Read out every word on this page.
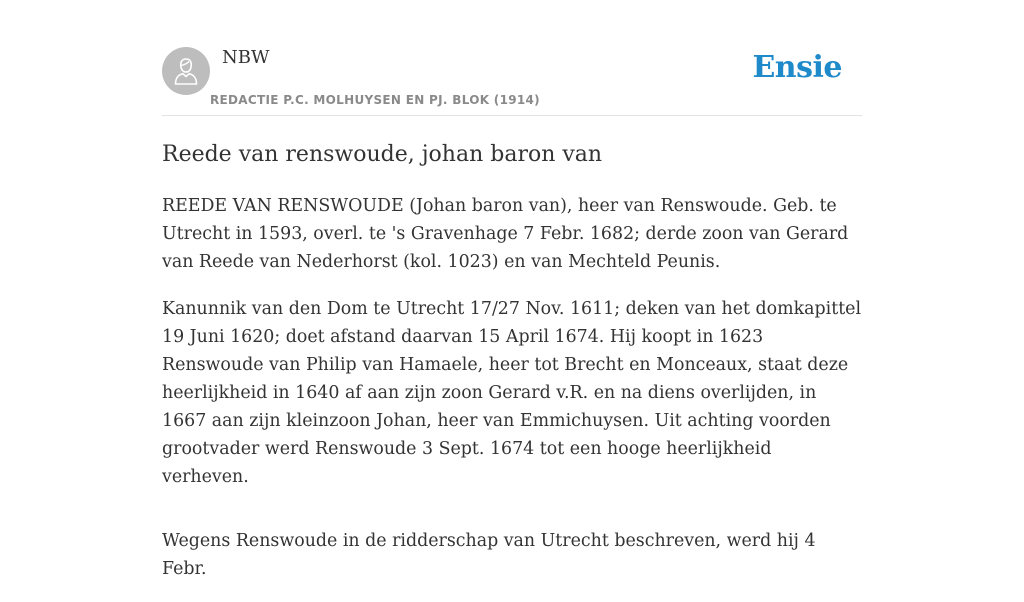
NBW
REDACTIE P.C. MOLHUYSEN EN PJ. BLOK (1914)
Ensie
Reede van renswoude, johan baron van

REEDE VAN RENSWOUDE (Johan baron van), heer van Renswoude. Geb. te Utrecht in 1593, overl. te 's Gravenhage 7 Febr. 1682; derde zoon van Gerard van Reede van Nederhorst (kol. 1023) en van Mechteld Peunis.

Kanunnik van den Dom te Utrecht 17/27 Nov. 1611; deken van het domkapittel 19 Juni 1620; doet afstand daarvan 15 April 1674. Hij koopt in 1623 Renswoude van Philip van Hamaele, heer tot Brecht en Monceaux, staat deze heerlijkheid in 1640 af aan zijn zoon Gerard v.R. en na diens overlijden, in 1667 aan zijn kleinzoon Johan, heer van Emmichuysen. Uit achting voorden grootvader werd Renswoude 3 Sept. 1674 tot een hooge heerlijkheid verheven.

Wegens Renswoude in de ridderschap van Utrecht beschreven, werd hij 4 Febr.
